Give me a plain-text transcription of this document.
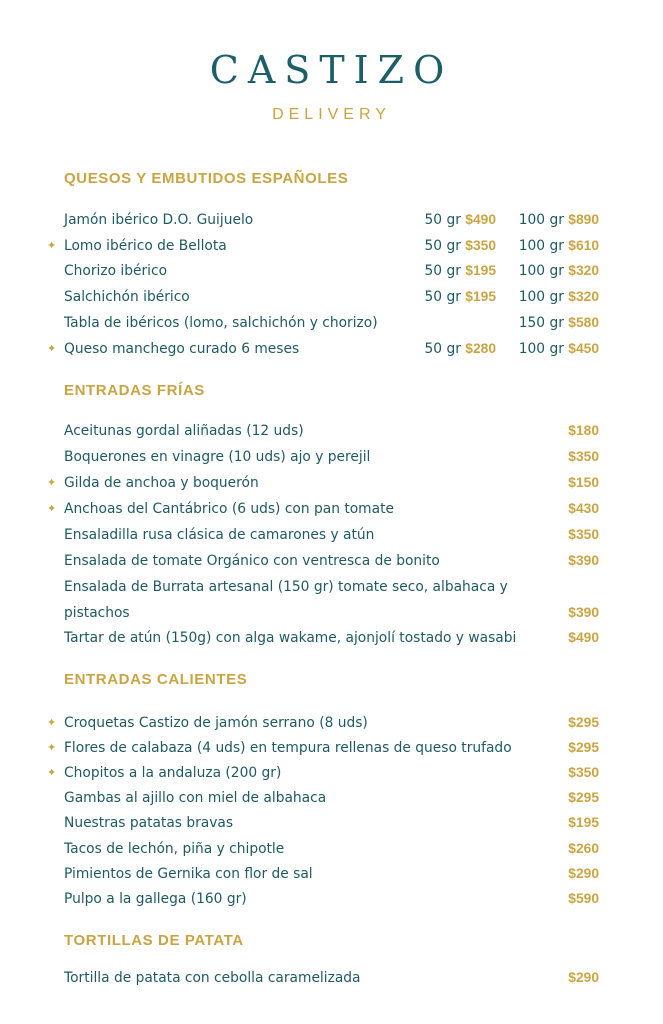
CASTIZO
DELIVERY
QUESOS Y EMBUTIDOS ESPAÑOLES
Jamón ibérico D.O. Guijuelo	50 gr $490 100 gr $890
✦ Lomo ibérico de Bellota	50 gr $350 100 gr $610
Chorizo ibérico	50 gr $195 100 gr $320
Salchichón ibérico	50 gr $195 100 gr $320
Tabla de ibéricos (lomo, salchichón y chorizo)	150 gr $580
✦ Queso manchego curado 6 meses	50 gr $280 100 gr $450
ENTRADAS FRÍAS
Aceitunas gordal aliñadas (12 uds)	$180
Boquerones en vinagre (10 uds) ajo y perejil	$350
✦ Gilda de anchoa y boquerón	$150
✦ Anchoas del Cantábrico (6 uds) con pan tomate	$430
Ensaladilla rusa clásica de camarones y atún	$350
Ensalada de tomate Orgánico con ventresca de bonito	$390
Ensalada de Burrata artesanal (150 gr) tomate seco, albahaca y
pistachos	$390
Tartar de atún (150g) con alga wakame, ajonjolí tostado y wasabi	$490
ENTRADAS CALIENTES
✦ Croquetas Castizo de jamón serrano (8 uds)	$295
✦ Flores de calabaza (4 uds) en tempura rellenas de queso trufado	$295
✦ Chopitos a la andaluza (200 gr)	$350
Gambas al ajillo con miel de albahaca	$295
Nuestras patatas bravas	$195
Tacos de lechón, piña y chipotle	$260
Pimientos de Gernika con flor de sal	$290
Pulpo a la gallega (160 gr)	$590
TORTILLAS DE PATATA
Tortilla de patata con cebolla caramelizada	$290
